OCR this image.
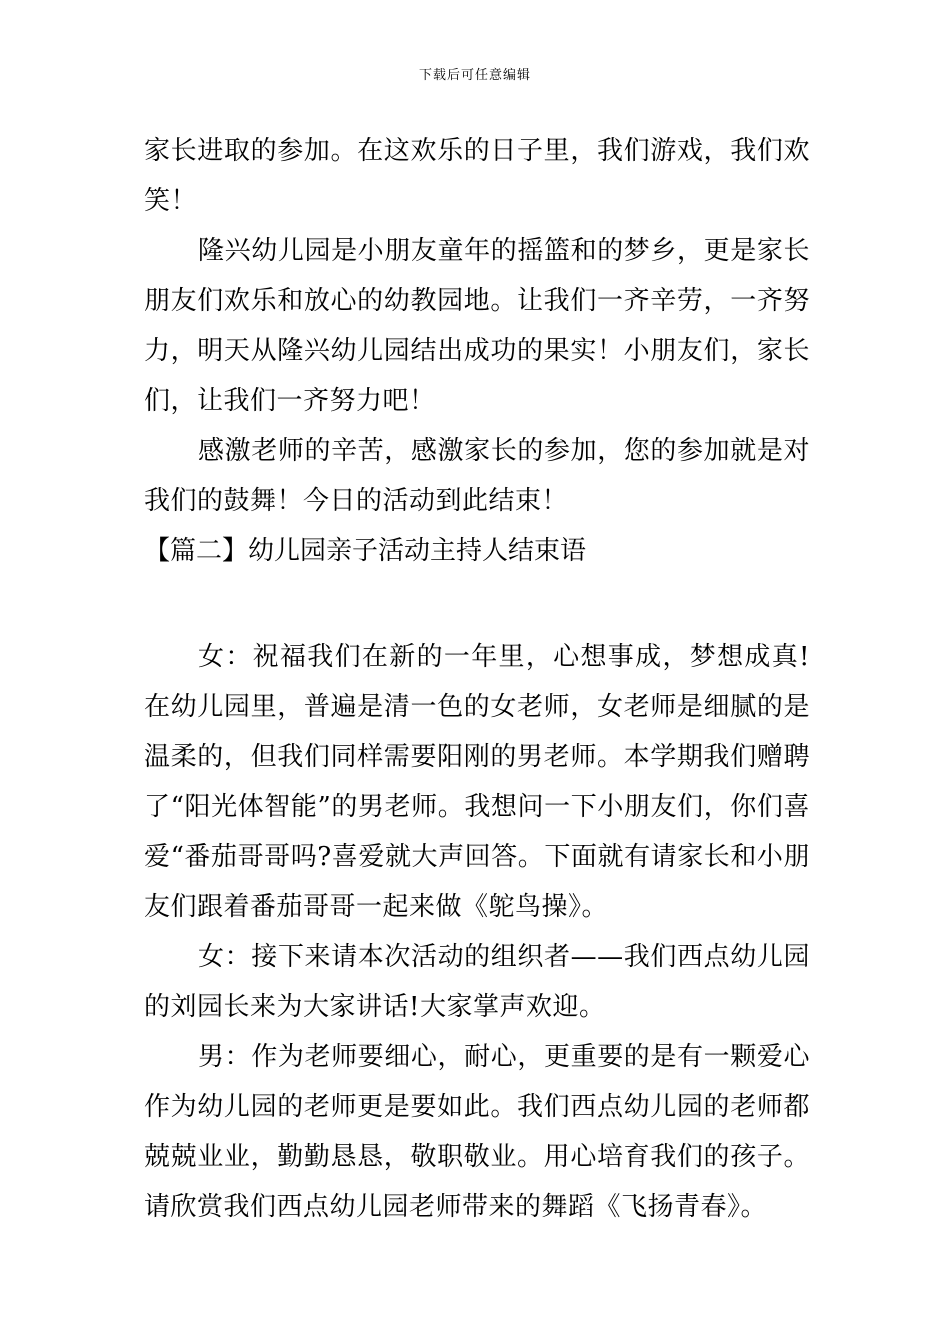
下载后可任意编辑

家长进取的参加。在这欢乐的日子里，我们游戏，我们欢笑！

隆兴幼儿园是小朋友童年的摇篮和的梦乡，更是家长朋友们欢乐和放心的幼教园地。让我们一齐辛劳，一齐努力，明天从隆兴幼儿园结出成功的果实！小朋友们，家长们，让我们一齐努力吧！

感激老师的辛苦，感激家长的参加，您的参加就是对我们的鼓舞！今日的活动到此结束！

【篇二】幼儿园亲子活动主持人结束语

女：祝福我们在新的一年里，心想事成，梦想成真!在幼儿园里，普遍是清一色的女老师，女老师是细腻的是温柔的，但我们同样需要阳刚的男老师。本学期我们赠聘了“阳光体智能”的男老师。我想问一下小朋友们，你们喜爱“番茄哥哥吗?喜爱就大声回答。下面就有请家长和小朋友们跟着番茄哥哥一起来做《鸵鸟操》。

女：接下来请本次活动的组织者——我们西点幼儿园的刘园长来为大家讲话!大家掌声欢迎。

男：作为老师要细心，耐心，更重要的是有一颗爱心作为幼儿园的老师更是要如此。我们西点幼儿园的老师都兢兢业业，勤勤恳恳，敬职敬业。用心培育我们的孩子。请欣赏我们西点幼儿园老师带来的舞蹈《飞扬青春》。
